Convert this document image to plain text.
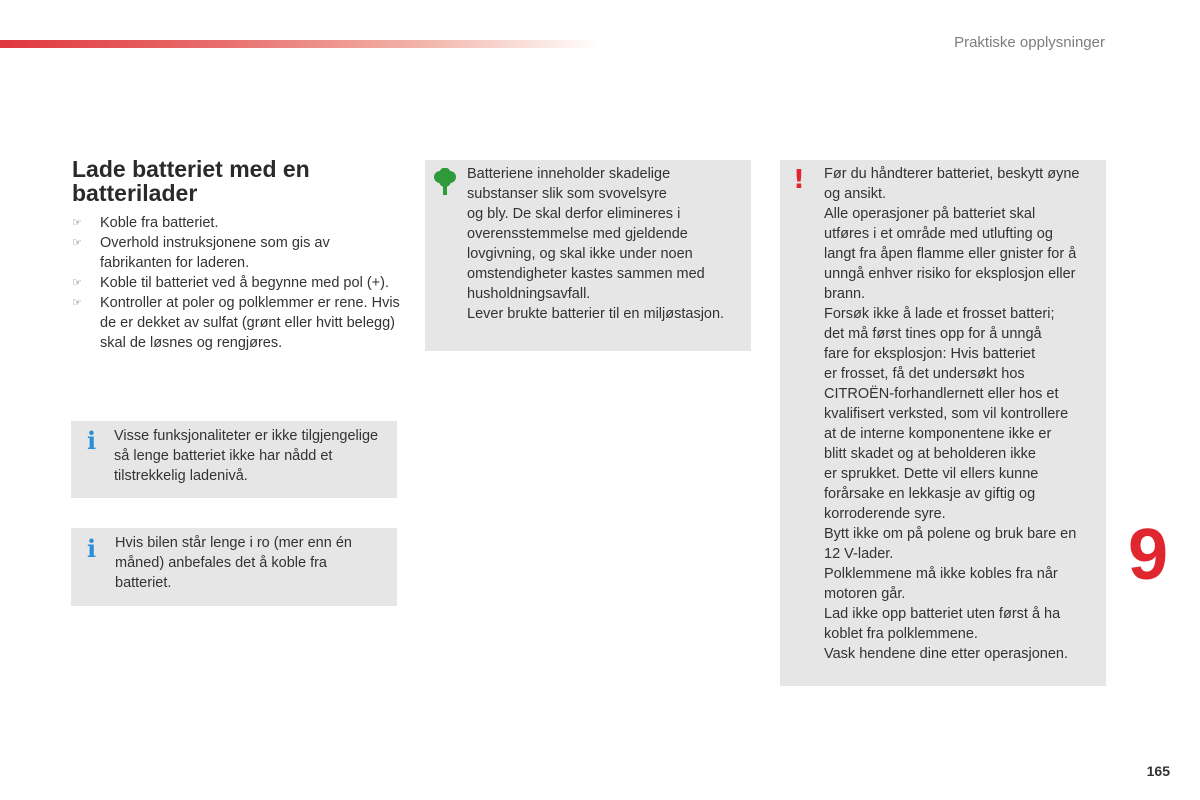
Praktiske opplysninger
Lade batteriet med en batterilader
☞ Koble fra batteriet.
☞ Overhold instruksjonene som gis av fabrikanten for laderen.
☞ Koble til batteriet ved å begynne med pol (+).
☞ Kontroller at poler og polklemmer er rene. Hvis de er dekket av sulfat (grønt eller hvitt belegg) skal de løsnes og rengjøres.
i Visse funksjonaliteter er ikke tilgjengelige så lenge batteriet ikke har nådd et tilstrekkelig ladenivå.
i Hvis bilen står lenge i ro (mer enn én måned) anbefales det å koble fra batteriet.
Batteriene inneholder skadelige
substanser slik som svovelsyre
og bly. De skal derfor elimineres i
overensstemmelse med gjeldende
lovgivning, og skal ikke under noen
omstendigheter kastes sammen med
husholdningsavfall.
Lever brukte batterier til en miljøstasjon.
! Før du håndterer batteriet, beskytt øyne
og ansikt.
Alle operasjoner på batteriet skal
utføres i et område med utlufting og
langt fra åpen flamme eller gnister for å
unngå enhver risiko for eksplosjon eller
brann.
Forsøk ikke å lade et frosset batteri;
det må først tines opp for å unngå
fare for eksplosjon: Hvis batteriet
er frosset, få det undersøkt hos
CITROËN-forhandlernett eller hos et
kvalifisert verksted, som vil kontrollere
at de interne komponentene ikke er
blitt skadet og at beholderen ikke
er sprukket. Dette vil ellers kunne
forårsake en lekkasje av giftig og
korroderende syre.
Bytt ikke om på polene og bruk bare en
12 V-lader.
Polklemmene må ikke kobles fra når
motoren går.
Lad ikke opp batteriet uten først å ha
koblet fra polklemmene.
Vask hendene dine etter operasjonen.
9
165
